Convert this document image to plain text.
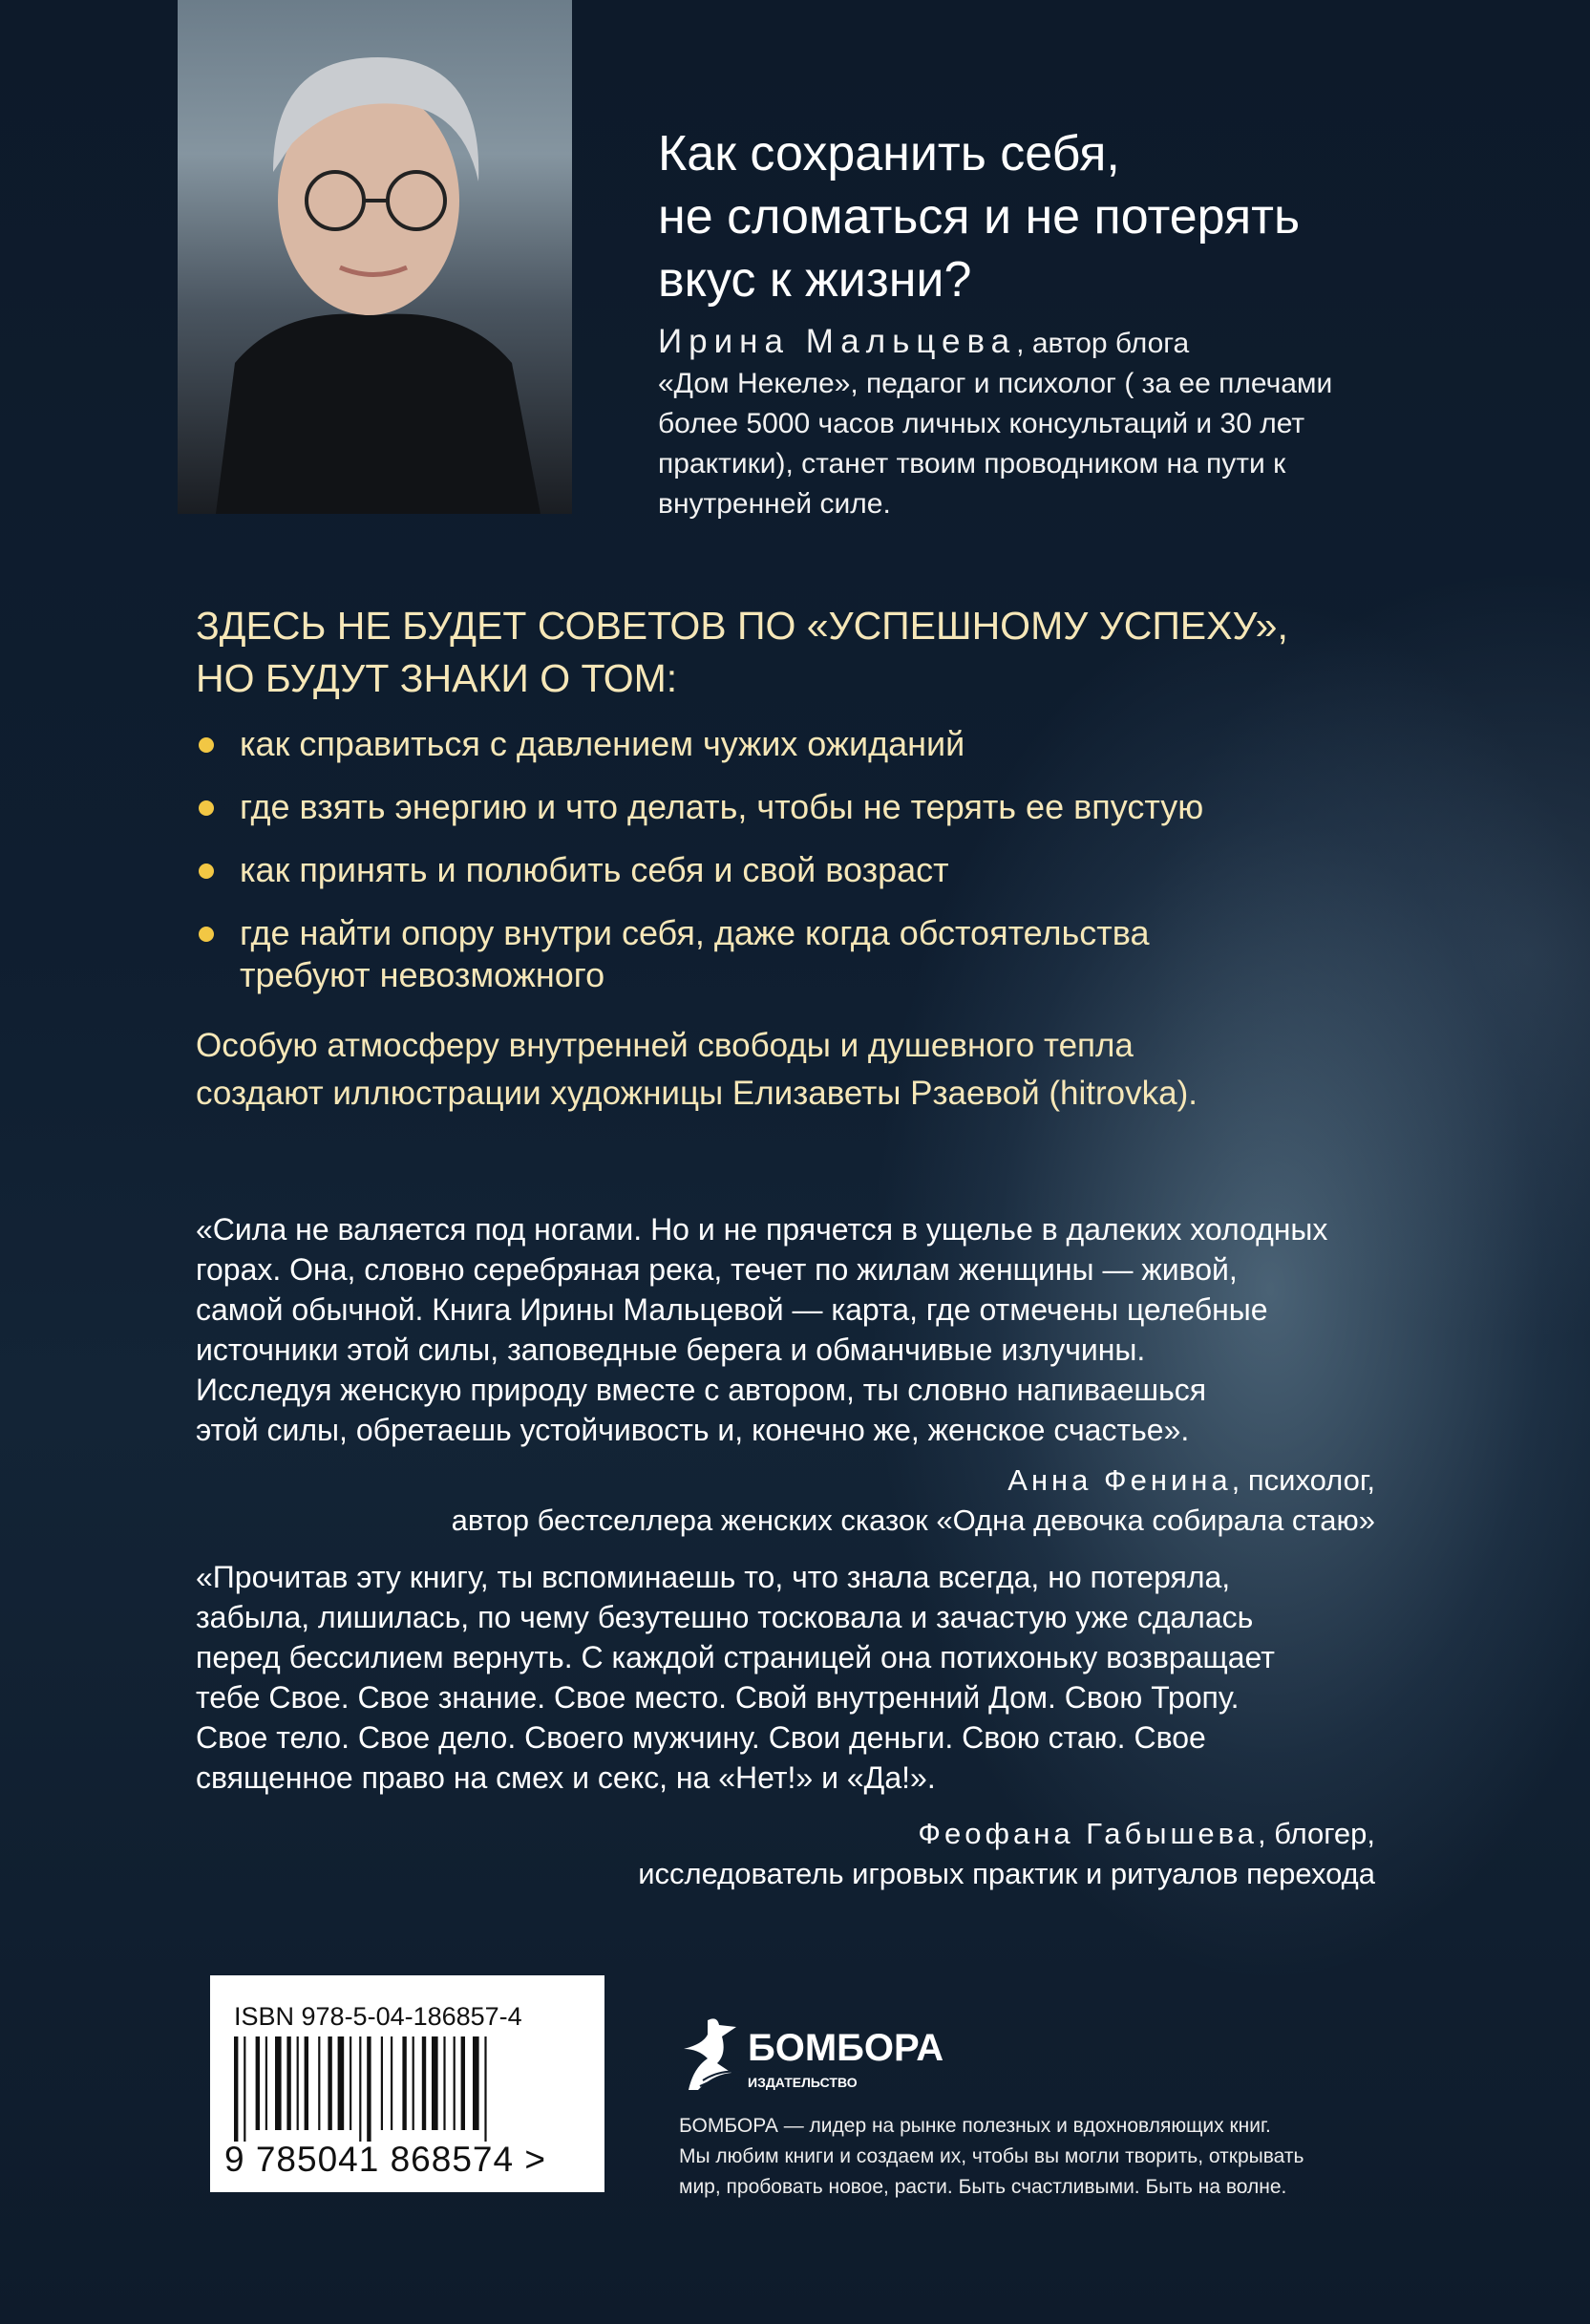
Как сохранить себя,
не сломаться и не потерять
вкус к жизни?
Ирина Мальцева, автор блога
«Дом Некеле», педагог и психолог ( за ее плечами
более 5000 часов личных консультаций и 30 лет
практики), станет твоим проводником на пути к
внутренней силе.
ЗДЕСЬ НЕ БУДЕТ СОВЕТОВ ПО «УСПЕШНОМУ УСПЕХУ»,
НО БУДУТ ЗНАКИ О ТОМ:
как справиться с давлением чужих ожиданий
где взять энергию и что делать, чтобы не терять ее впустую
как принять и полюбить себя и свой возраст
где найти опору внутри себя, даже когда обстоятельства
требуют невозможного
Особую атмосферу внутренней свободы и душевного тепла
создают иллюстрации художницы Елизаветы Рзаевой (hitrovka).
«Сила не валяется под ногами. Но и не прячется в ущелье в далеких холодных
горах. Она, словно серебряная река, течет по жилам женщины — живой,
самой обычной. Книга Ирины Мальцевой — карта, где отмечены целебные
источники этой силы, заповедные берега и обманчивые излучины.
Исследуя женскую природу вместе с автором, ты словно напиваешься
этой силы, обретаешь устойчивость и, конечно же, женское счастье».
Анна Фенина, психолог,
автор бестселлера женских сказок «Одна девочка собирала стаю»
«Прочитав эту книгу, ты вспоминаешь то, что знала всегда, но потеряла,
забыла, лишилась, по чему безутешно тосковала и зачастую уже сдалась
перед бессилием вернуть. С каждой страницей она потихоньку возвращает
тебе Свое. Свое знание. Свое место. Свой внутренний Дом. Свою Тропу.
Свое тело. Свое дело. Своего мужчину. Свои деньги. Свою стаю. Свое
священное право на смех и секс, на «Нет!» и «Да!».
Феофана Габышева, блогер,
исследователь игровых практик и ритуалов перехода
ISBN 978-5-04-186857-4
9 785041 868574 >
БОМБОРА
ИЗДАТЕЛЬСТВО
БОМБОРА — лидер на рынке полезных и вдохновляющих книг.
Мы любим книги и создаем их, чтобы вы могли творить, открывать
мир, пробовать новое, расти. Быть счастливыми. Быть на волне.
